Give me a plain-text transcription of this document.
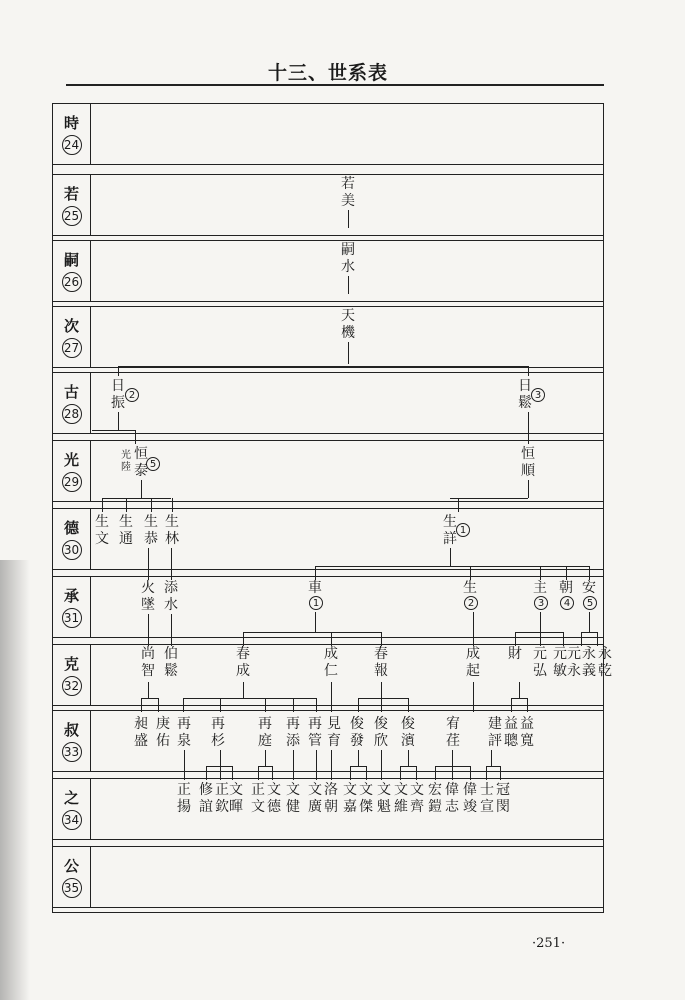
十三、世系表
時
24
若
25
嗣
26
次
27
古
28
光
29
德
30
承
31
克
32
叔
33
之
34
公
35
若
美
嗣
水
天
機
日
振 2
日
鬆 3
光
陸
恒
泰 5
恒
順
生
文
生
通
生
恭
生
林
生
詳
1
火
墜
添
水
車
1
生
2
主
3
朝
4
安
5
尚
智
伯
鬆
春
成
成
仁
春
報
成
起
財 元
弘
元
敏
元
永
永
義
永
乾
昶
盛
庚
佑
再
泉
再
杉
再
庭
再
添
再
管
見
育
俊
發
俊
欣
俊
濱
宥
荏
建
評
益
聰
益
寬
正
揚
修
誼
正
欽
文
暉
正
文
文
德
文
健
文
廣
洛
朝
文
嘉
文
傑
文
魁
文
維
文
齊
宏
鎧
偉
志
偉
竣
士
宣
冠
閔
·251·
